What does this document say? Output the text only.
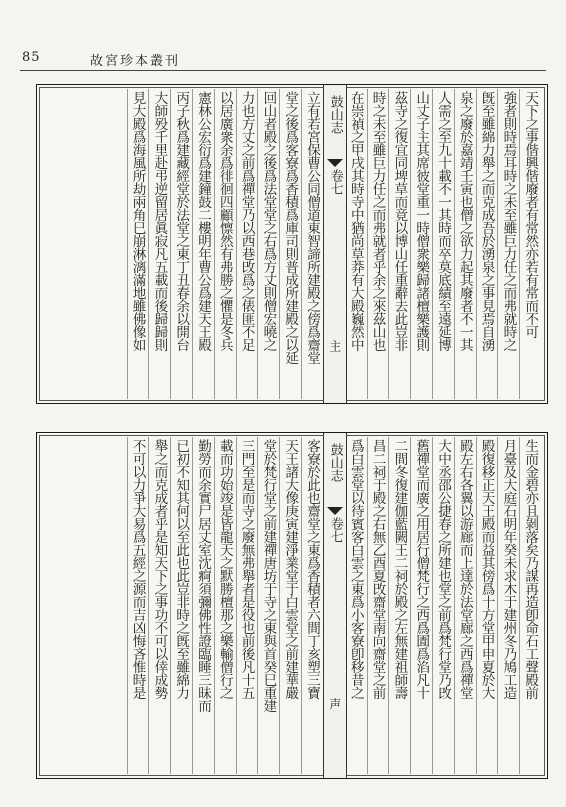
85	故宮珍本叢刊
天下之事偕興偕廢者有常然亦若有常而不可
強者則時焉耳時之未至雖巨力任之而弗就時之
旣至雖綿力舉之而克成吾於湧泉之事見焉自湧
泉之廢於嘉靖壬寅也僧之欲力起其廢者不一其
人需之至九十載不一其時而卒莫底績至遠延博
山丈子主其席彼堂重一時僧衆樂歸諸檀樂護則
茲寺之復宜同埤草而竟以博山任重辭去此豈非
時之未至雖巨力任之而弗就者乎余之來茲山也
在崇禎之甲戌其時寺中猶尚草莽有大殿巍然中
立有若宮保曹公同僧道東智諦所建殿之傍爲齋堂
堂之後爲客寮爲香積爲庫司則普成所建殿之以延
回山者殿之後爲法堂堂之右爲方丈則僧宏曉之
力也方丈之前爲禪堂乃以西巷攺爲之俵匪不足
以居廣衆余爲徘徊四顧懔然有弗勝之懼是冬兵
憲林公宏衍爲建鐘鼓二樓明年曹公爲建天王殿
丙子秋爲建藏經堂於法堂之東丁丑春余以開台
大師殁千里赴弔逆留居眞寂凡五載而後歸歸則
見大殿爲海風所劫兩角巳崩淋漓滿地雖佛像如	鼓山志
卷七
主
生而金碧亦且剝落矣乃謀再造卽命石工聲殿前
月臺及大庭石明年癸未求木于建州冬乃鳩工造
殿復移正天王殿而益其傍爲十方堂甲申夏於大
殿左右各翼以游廊而上達於法堂廊之西爲禪堂
大中丞邵公捷春之所建也堂之前爲梵行堂乃攺
舊禪堂而廣之用居行僧梵行之西爲圊爲淊凡十
二間冬復建伽藍闕王二祠於殿之左無建祖師壽
昌二祠于殿之右無乙酉夏攺齋堂南向齋堂之前
爲白雲堂以待賓客白雲之東爲小客寮卽移昔之
客寮於此也齋堂之東爲香積者六間丁亥塑三寶
天王諸大像庚寅建淨業堂于白雲堂之前建華嚴
堂於梵行堂之前建禪唐坊于寺之東與首癸巳重建
三門至是而寺之廢無弗舉者是役也前後凡十五
載而功始竣是皆龍天之默勝檀那之樂輸僧行之
勤勞而余實尸居丈室沈痾須彌佛性證臨睡三昧而
已初不知其何以至此也此豈非時之旣至雖綿力
舉之而克成者乎是知天下之事功不可以倖成勢
不可以力爭大易爲五經之源而吉凶悔吝惟時是	鼓山志
卷七
声
